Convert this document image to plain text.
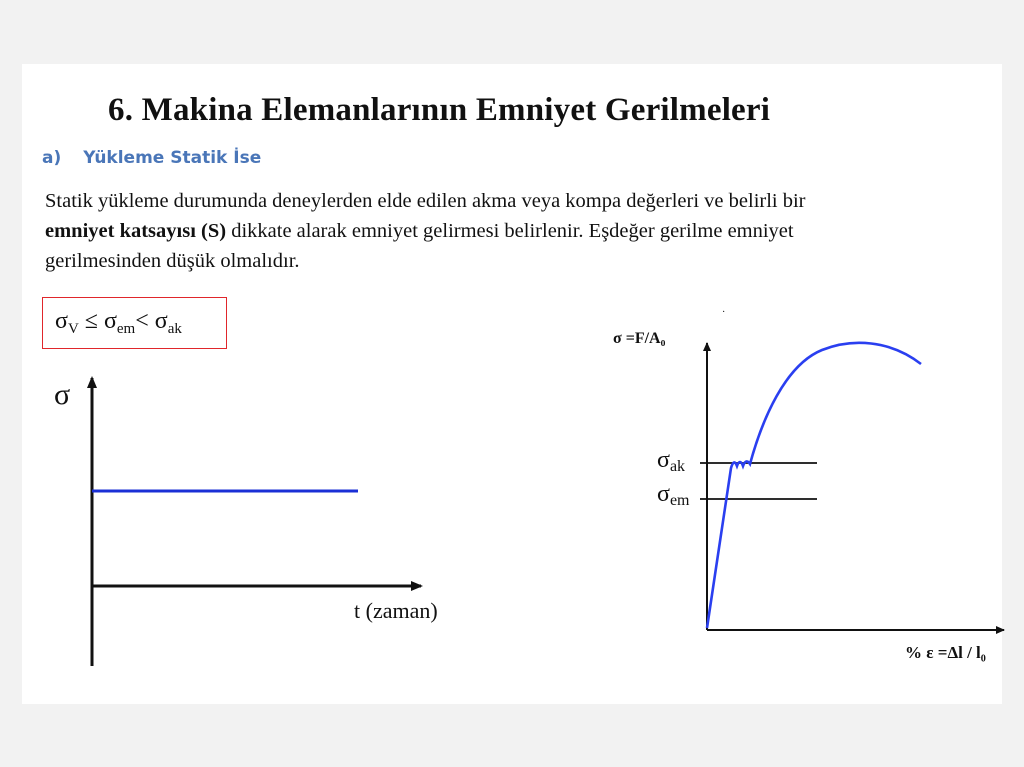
6. Makina Elemanlarının Emniyet Gerilmeleri
a) Yükleme Statik İse
Statik yükleme durumunda deneylerden elde edilen akma veya kompa değerleri ve belirli bir
emniyet katsayısı (S) dikkate alarak emniyet gelirmesi belirlenir. Eşdeğer gerilme emniyet
gerilmesinden düşük olmalıdır.
$\sigma_V \le \sigma_{em}< \sigma_{ak}$
σ
t (zaman)
σ =F/A₀
σak
σem
% ε =Δl / l₀
·
